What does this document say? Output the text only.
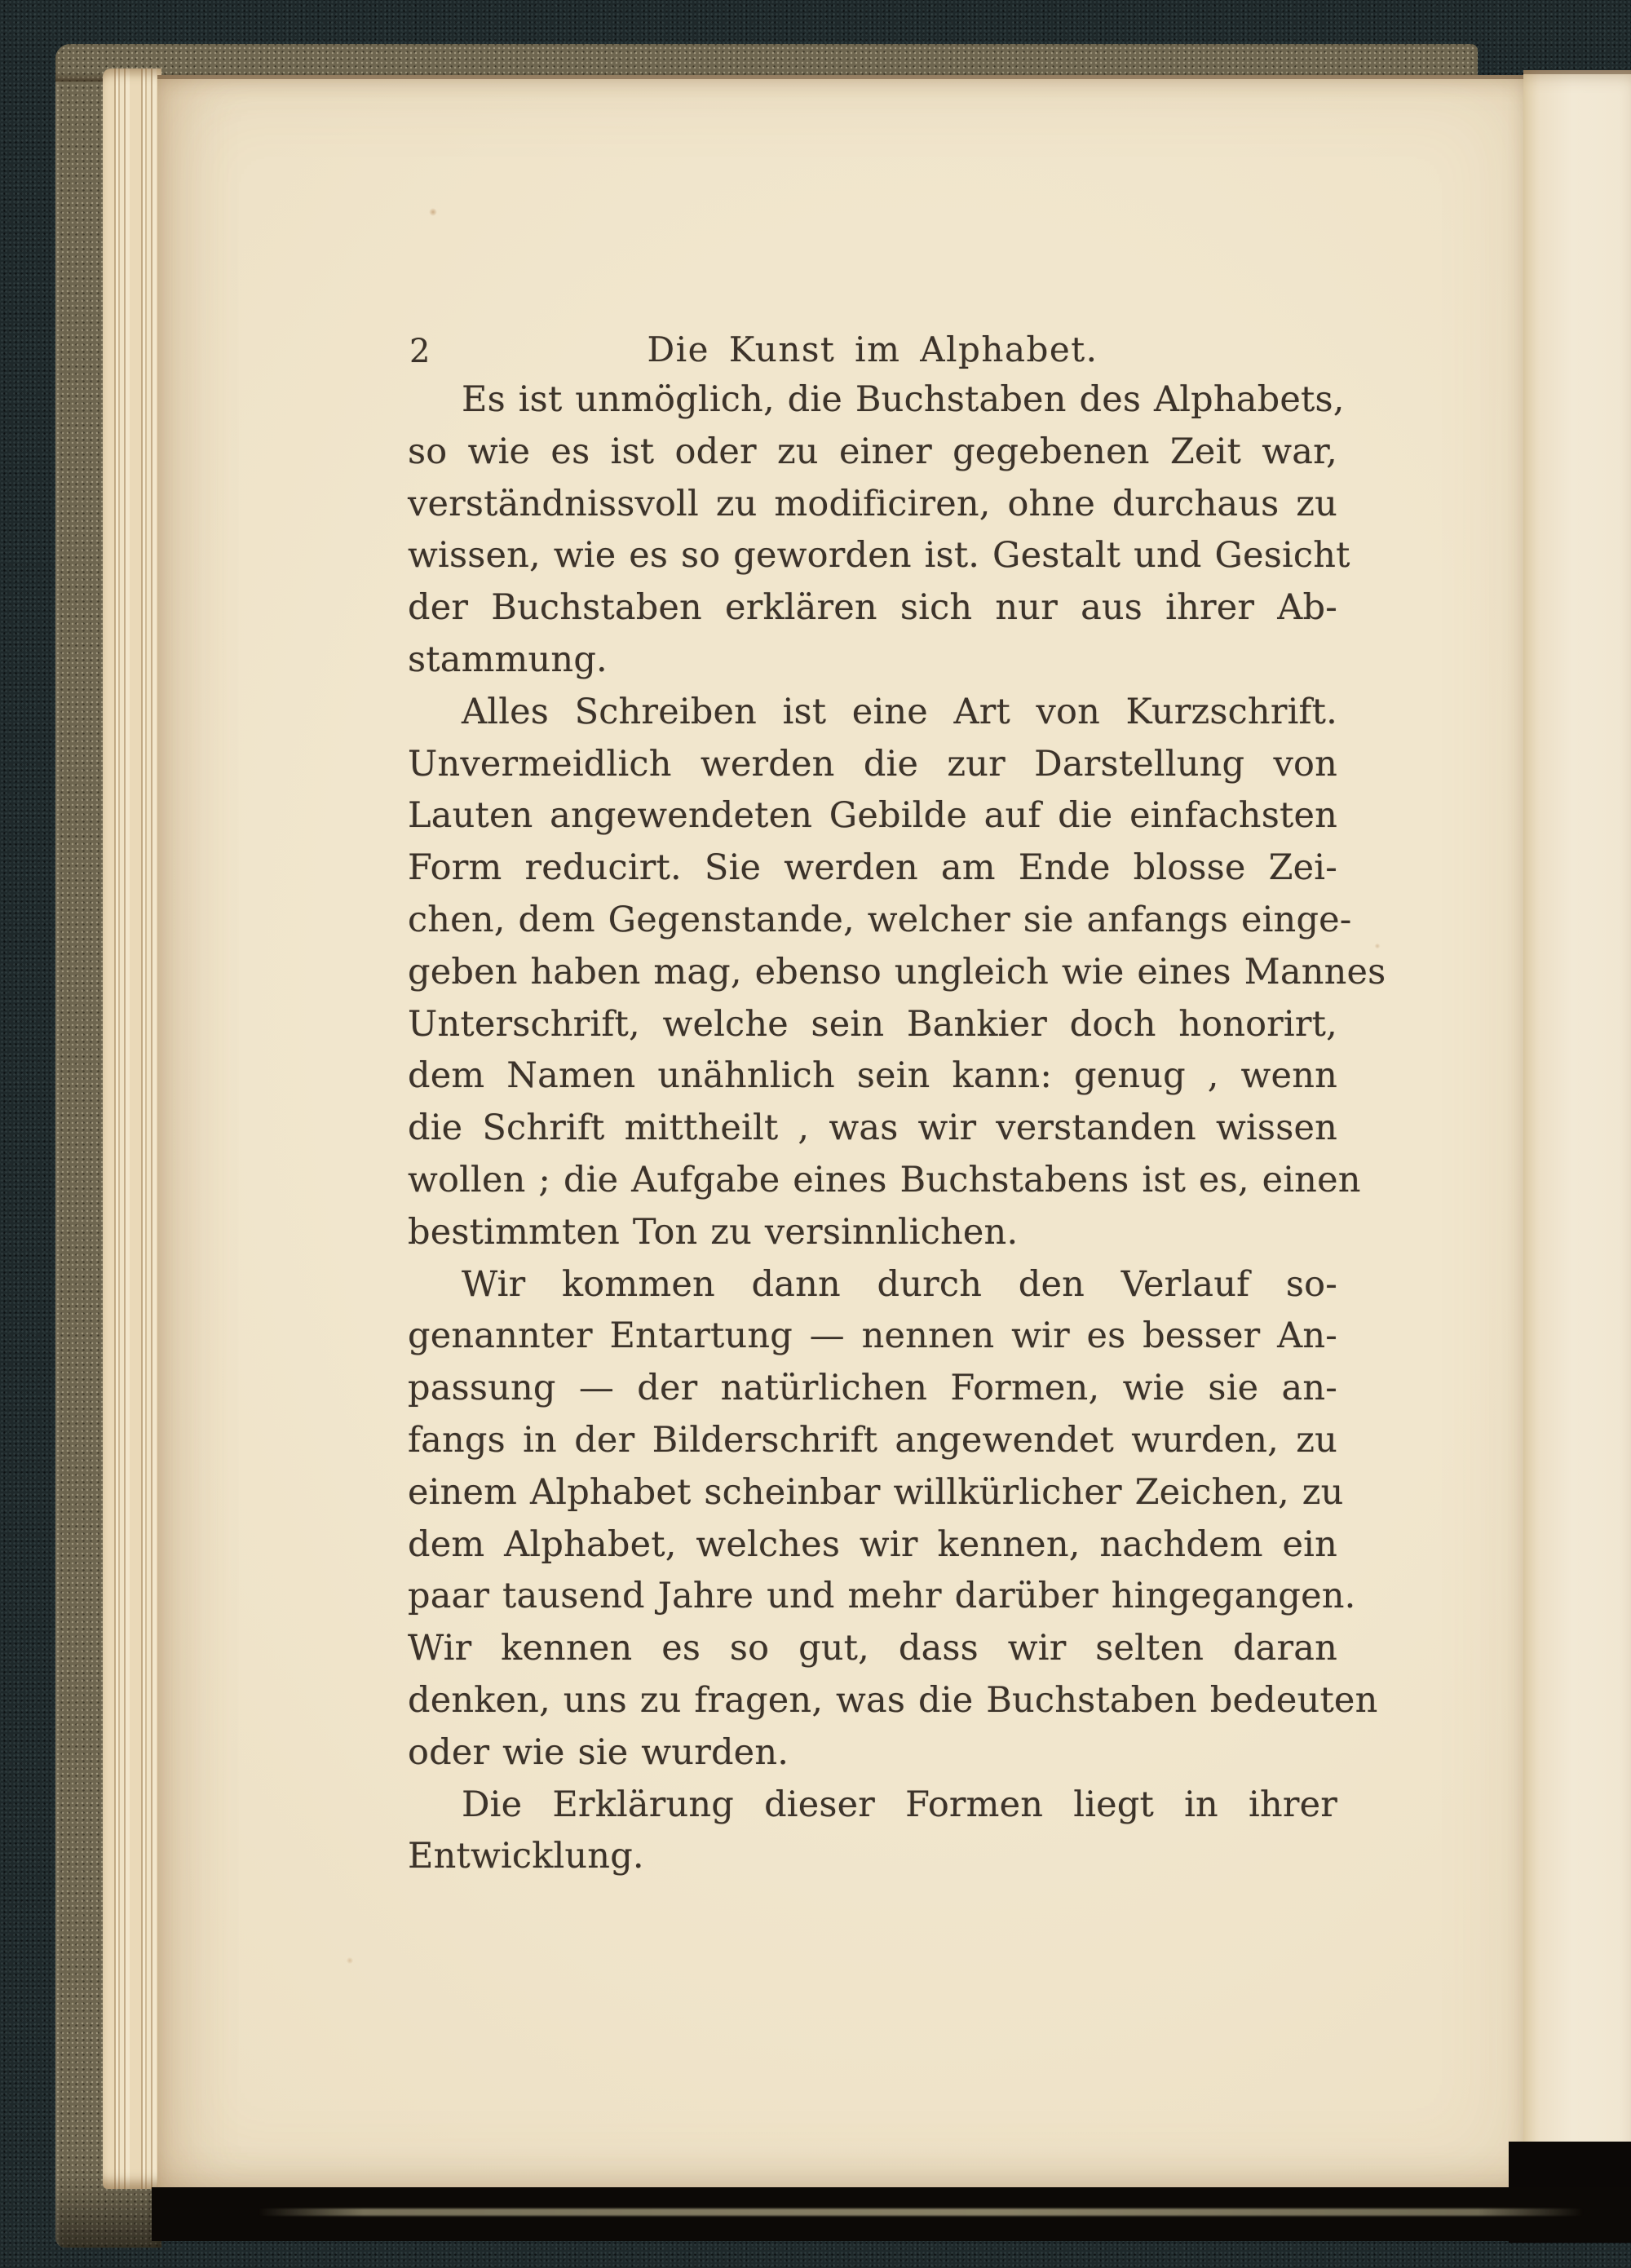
2	Die Kunst im Alphabet.
Es ist unmöglich, die Buchstaben des Alphabets,
so wie es ist oder zu einer gegebenen Zeit war,
verständnissvoll zu modificiren, ohne durchaus zu
wissen, wie es so geworden ist. Gestalt und Gesicht
der Buchstaben erklären sich nur aus ihrer Ab-
stammung.
Alles Schreiben ist eine Art von Kurzschrift.
Unvermeidlich werden die zur Darstellung von
Lauten angewendeten Gebilde auf die einfachsten
Form reducirt. Sie werden am Ende blosse Zei-
chen, dem Gegenstande, welcher sie anfangs einge-
geben haben mag, ebenso ungleich wie eines Mannes
Unterschrift, welche sein Bankier doch honorirt,
dem Namen unähnlich sein kann: genug , wenn
die Schrift mittheilt , was wir verstanden wissen
wollen ; die Aufgabe eines Buchstabens ist es, einen
bestimmten Ton zu versinnlichen.
Wir kommen dann durch den Verlauf so-
genannter Entartung — nennen wir es besser An-
passung — der natürlichen Formen, wie sie an-
fangs in der Bilderschrift angewendet wurden, zu
einem Alphabet scheinbar willkürlicher Zeichen, zu
dem Alphabet, welches wir kennen, nachdem ein
paar tausend Jahre und mehr darüber hingegangen.
Wir kennen es so gut, dass wir selten daran
denken, uns zu fragen, was die Buchstaben bedeuten
oder wie sie wurden.
Die Erklärung dieser Formen liegt in ihrer
Entwicklung.
